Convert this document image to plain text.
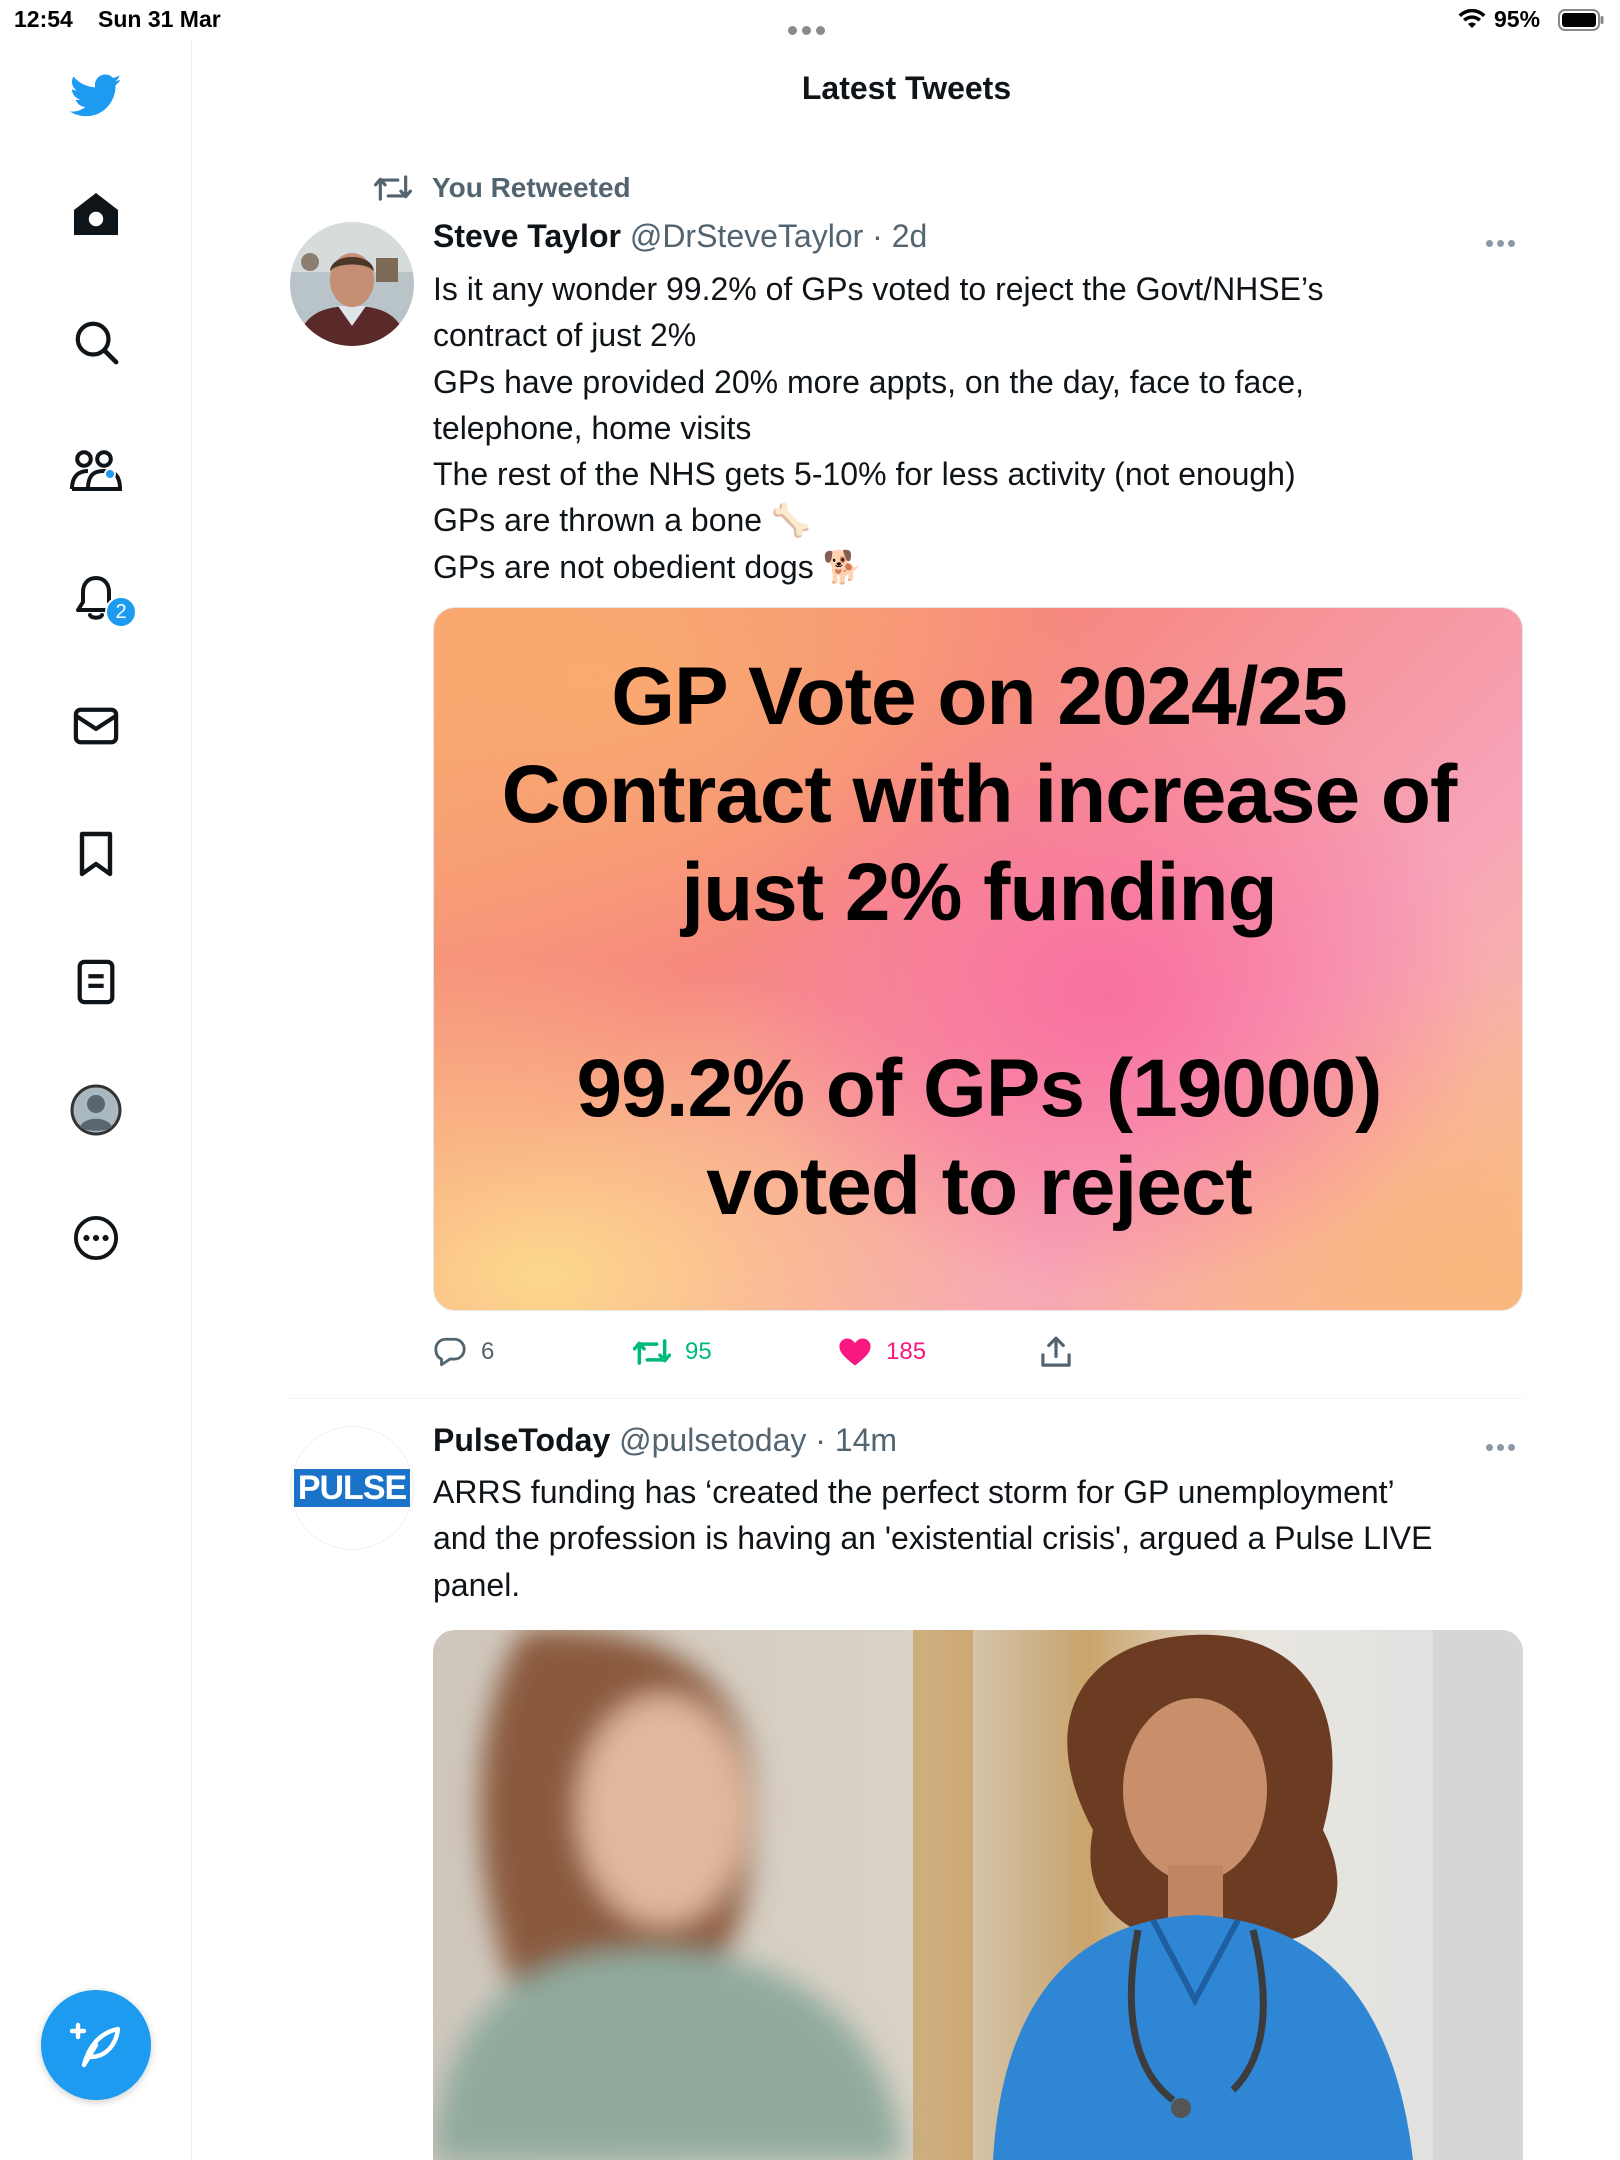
12:54 Sun 31 Mar	95%
2
Latest Tweets
You Retweeted
Steve Taylor @DrSteveTaylor · 2d
Is it any wonder 99.2% of GPs voted to reject the Govt/NHSE’s
contract of just 2%
GPs have provided 20% more appts, on the day, face to face,
telephone, home visits
The rest of the NHS gets 5-10% for less activity (not enough)
GPs are thrown a bone 🦴
GPs are not obedient dogs 🐕
GP Vote on 2024/25
Contract with increase of
just 2% funding
99.2% of GPs (19000)
voted to reject
6	95	185
PULSE
PulseToday @pulsetoday · 14m
ARRS funding has ‘created the perfect storm for GP unemployment’
and the profession is having an 'existential crisis', argued a Pulse LIVE
panel.
